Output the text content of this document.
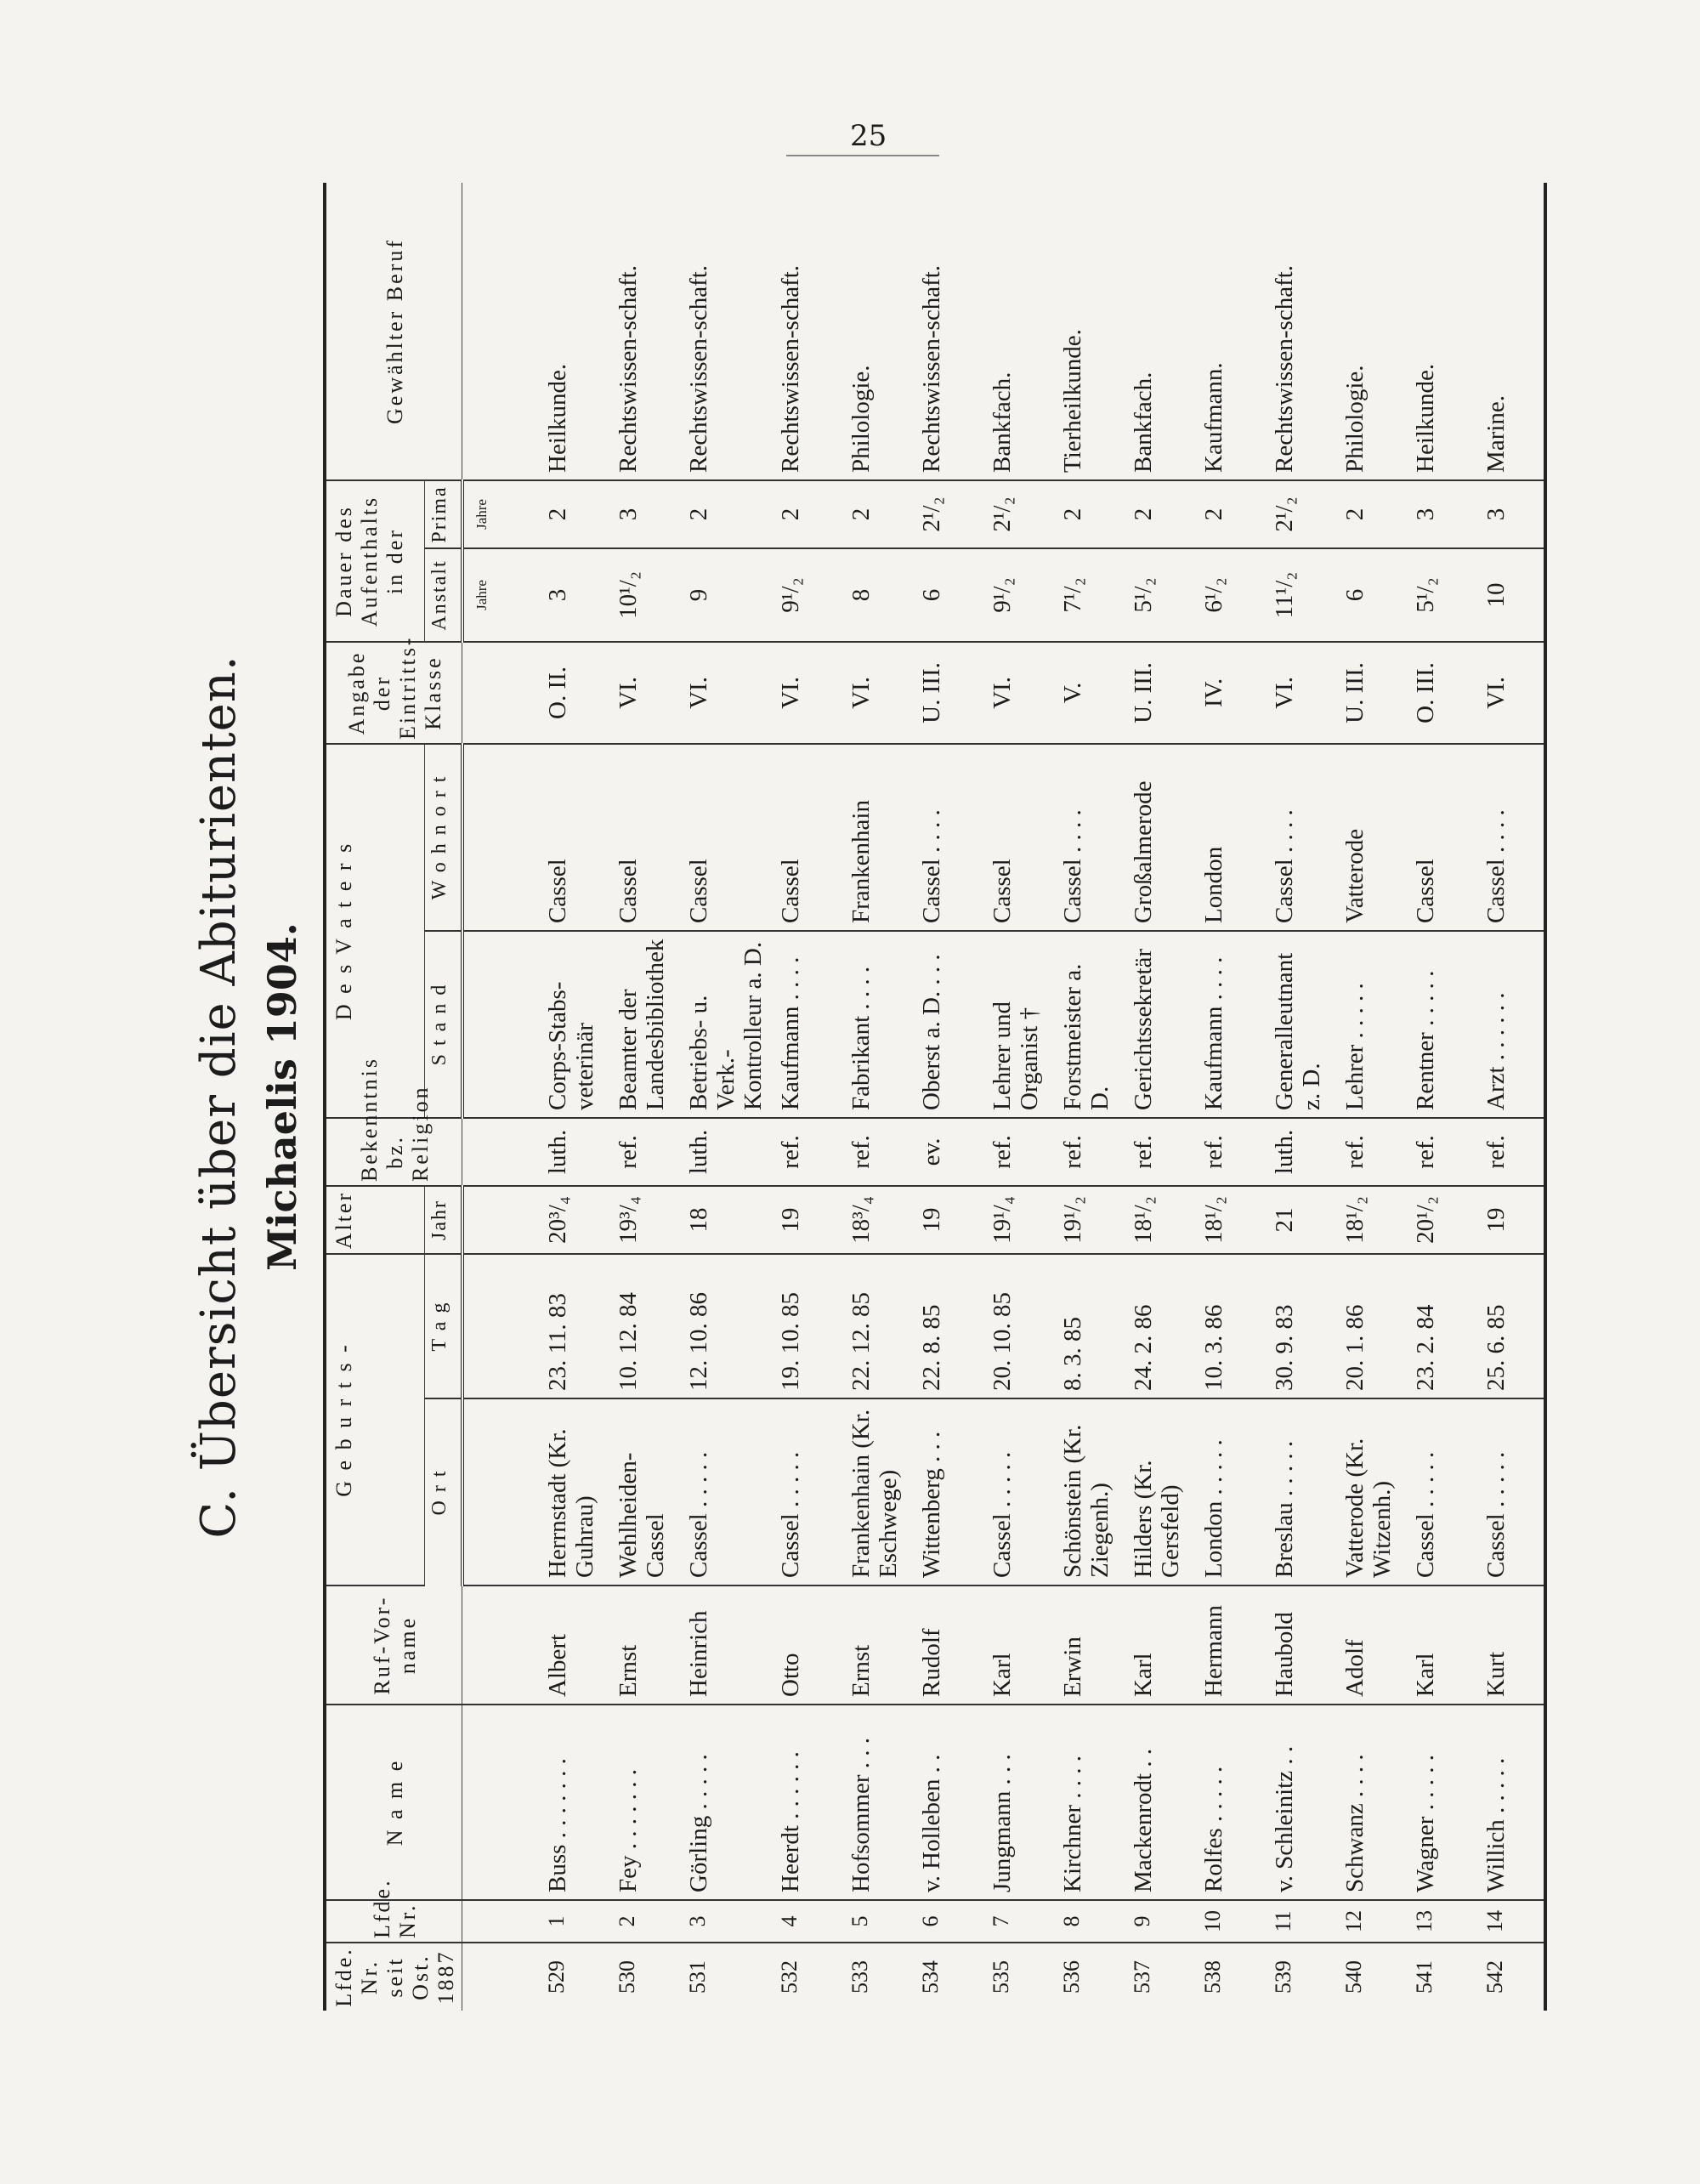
25
C. Übersicht über die Abiturienten. Michaelis 1904.
Lfde. Nr. seit Ost. 1887	Lfde. Nr.	N a m e	Ruf-Vor-name	G e b u r t s -		Alter	Bekenntnis bz. Religion	D e s V a t e r s		Angabe der Eintritts-Klasse	Dauer des Aufenthalts in der		Gewählter Beruf
				O r t	T a g	Jahr		S t a n d	W o h n o r t		Anstalt	Prima	

											Jahre	Jahre	

529	1	Buss . . . . . . .	Albert	Herrnstadt (Kr. Guhrau)	23. 11. 83	20³/₄	luth.	Corps-Stabs-veterinär	Cassel	O. II.	3	2	Heilkunde.
530	2	Fey . . . . . . .	Ernst	Wehlheiden-Cassel	10. 12. 84	19³/₄	ref.	Beamter der Landesbibliothek	Cassel	VI.	10¹/₂	3	Rechtswissen-schaft.
531	3	Görling . . . . .	Heinrich	Cassel . . . . .	12. 10. 86	18	luth.	Betriebs- u. Verk.-Kontrolleur a. D.	Cassel	VI.	9	2	Rechtswissen-schaft.
532	4	Heerdt . . . . . .	Otto	Cassel . . . . .	19. 10. 85	19	ref.	Kaufmann . . . .	Cassel	VI.	9¹/₂	2	Rechtswissen-schaft.
533	5	Hofsommer . . .	Ernst	Frankenhain (Kr. Eschwege)	22. 12. 85	18³/₄	ref.	Fabrikant . . . .	Frankenhain	VI.	8	2	Philologie.
534	6	v. Holleben . .	Rudolf	Wittenberg . . .	22. 8. 85	19	ev.	Oberst a. D. . . .	Cassel . . . .	U. III.	6	2¹/₂	Rechtswissen-schaft.
535	7	Jungmann . . .	Karl	Cassel . . . . .	20. 10. 85	19¹/₄	ref.	Lehrer und Organist †	Cassel	VI.	9¹/₂	2¹/₂	Bankfach.
536	8	Kirchner . . . .	Erwin	Schönstein (Kr. Ziegenh.)	8. 3. 85	19¹/₂	ref.	Forstmeister a. D.	Cassel . . . .	V.	7¹/₂	2	Tierheilkunde.
537	9	Mackenrodt . .	Karl	Hilders (Kr. Gersfeld)	24. 2. 86	18¹/₂	ref.	Gerichtssekretär	Großalmerode	U. III.	5¹/₂	2	Bankfach.
538	10	Rolfes . . . . .	Hermann	London . . . . .	10. 3. 86	18¹/₂	ref.	Kaufmann . . . .	London	IV.	6¹/₂	2	Kaufmann.
539	11	v. Schleinitz . .	Haubold	Breslau . . . . .	30. 9. 83	21	luth.	Generalleutnant z. D.	Cassel . . . .	VI.	11¹/₂	2¹/₂	Rechtswissen-schaft.
540	12	Schwanz . . . .	Adolf	Vatterode (Kr. Witzenh.)	20. 1. 86	18¹/₂	ref.	Lehrer . . . . .	Vatterode	U. III.	6	2	Philologie.
541	13	Wagner . . . . .	Karl	Cassel . . . . .	23. 2. 84	20¹/₂	ref.	Rentner . . . . .	Cassel	O. III.	5¹/₂	3	Heilkunde.
542	14	Willich . . . . .	Kurt	Cassel . . . . .	25. 6. 85	19	ref.	Arzt . . . . . .	Cassel . . . .	VI.	10	3	Marine.
